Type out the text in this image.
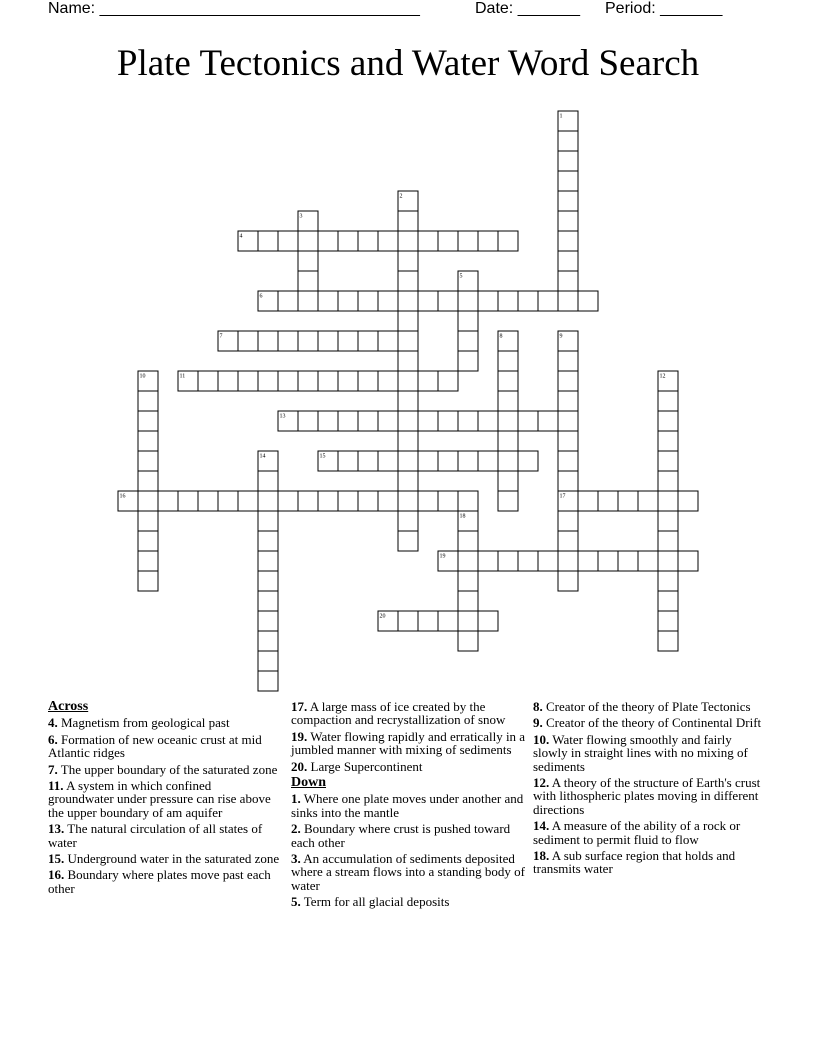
Name: ____________________________________	Date: _______ Period: _______
Plate Tectonics and Water Word Search
1
2
3
4
5
6
7	8	9
10	11	12
13
14	15
16	17
18
19
20
Across
4. Magnetism from geological past
6. Formation of new oceanic crust at mid Atlantic ridges
7. The upper boundary of the saturated zone
11. A system in which confined groundwater under pressure can rise above the upper boundary of am aquifer
13. The natural circulation of all states of water
15. Underground water in the saturated zone
16. Boundary where plates move past each other
17. A large mass of ice created by the compaction and recrystallization of snow
19. Water flowing rapidly and erratically in a jumbled manner with mixing of sediments
20. Large Supercontinent
Down
1. Where one plate moves under another and sinks into the mantle
2. Boundary where crust is pushed toward each other
3. An accumulation of sediments deposited where a stream flows into a standing body of water
5. Term for all glacial deposits
8. Creator of the theory of Plate Tectonics
9. Creator of the theory of Continental Drift
10. Water flowing smoothly and fairly slowly in straight lines with no mixing of sediments
12. A theory of the structure of Earth's crust with lithospheric plates moving in different directions
14. A measure of the ability of a rock or sediment to permit fluid to flow
18. A sub surface region that holds and transmits water
